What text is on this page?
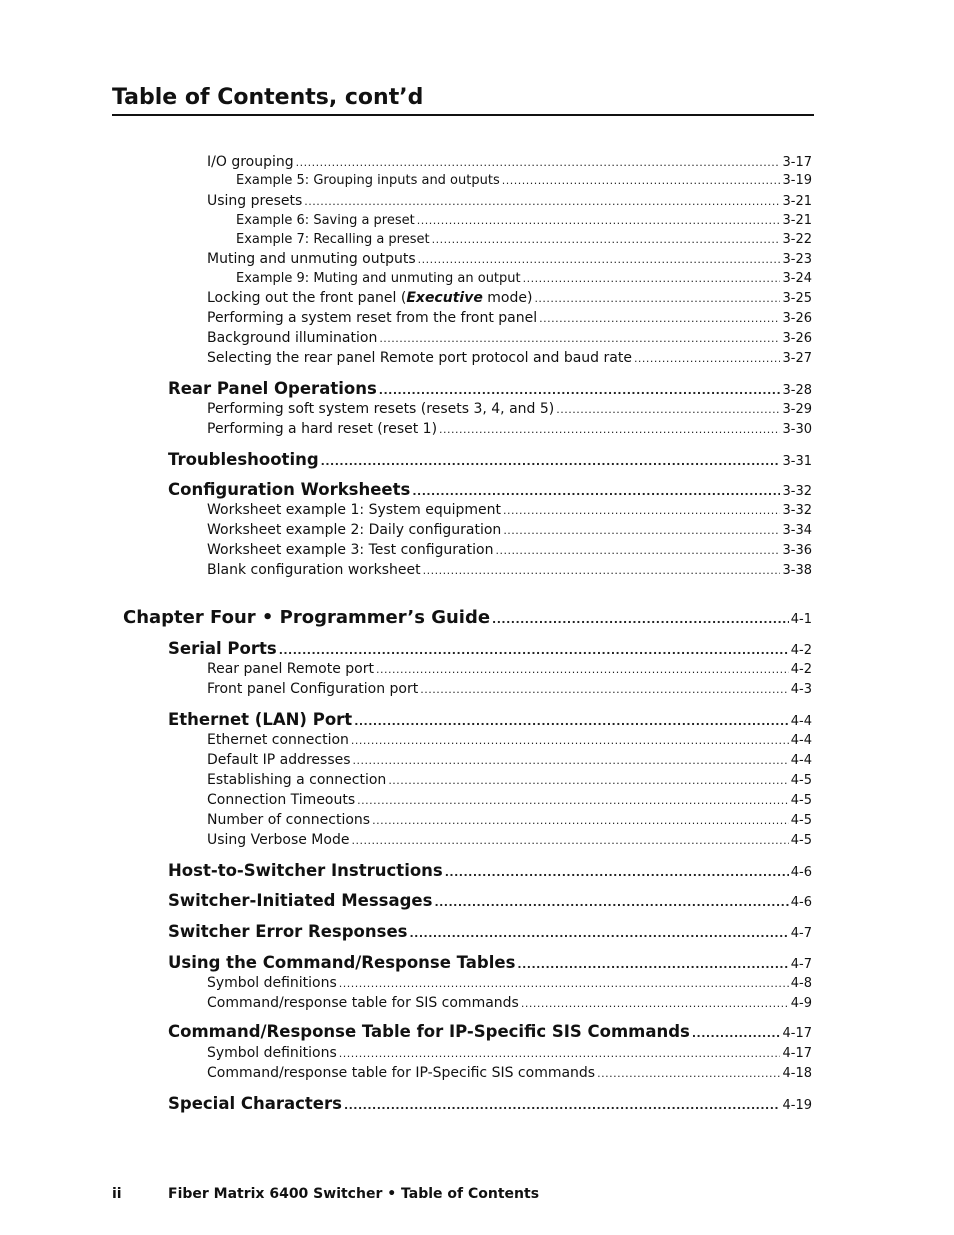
Table of Contents, cont’d
I/O grouping .....	3-17
Example 5: Grouping inputs and outputs .....	3-19
Using presets .....	3-21
Example 6: Saving a preset .....	3-21
Example 7: Recalling a preset .....	3-22
Muting and unmuting outputs .....	3-23
Example 9: Muting and unmuting an output .....	3-24
Locking out the front panel (Executive mode) .....	3-25
Performing a system reset from the front panel .....	3-26
Background illumination .....	3-26
Selecting the rear panel Remote port protocol and baud rate .....	3-27
Rear Panel Operations .....	3-28
Performing soft system resets (resets 3, 4, and 5) .....	3-29
Performing a hard reset (reset 1) .....	3-30
Troubleshooting .....	3-31
Configuration Worksheets .....	3-32
Worksheet example 1: System equipment .....	3-32
Worksheet example 2: Daily configuration .....	3-34
Worksheet example 3: Test configuration .....	3-36
Blank configuration worksheet .....	3-38
Chapter Four • Programmer’s Guide .....	4-1
Serial Ports .....	4-2
Rear panel Remote port .....	4-2
Front panel Configuration port .....	4-3
Ethernet (LAN) Port .....	4-4
Ethernet connection .....	4-4
Default IP addresses .....	4-4
Establishing a connection .....	4-5
Connection Timeouts .....	4-5
Number of connections .....	4-5
Using Verbose Mode .....	4-5
Host-to-Switcher Instructions .....	4-6
Switcher-Initiated Messages .....	4-6
Switcher Error Responses .....	4-7
Using the Command/Response Tables .....	4-7
Symbol definitions .....	4-8
Command/response table for SIS commands .....	4-9
Command/Response Table for IP-Specific SIS Commands .....	4-17
Symbol definitions .....	4-17
Command/response table for IP-Specific SIS commands .....	4-18
Special Characters .....	4-19
ii	Fiber Matrix 6400 Switcher • Table of Contents
